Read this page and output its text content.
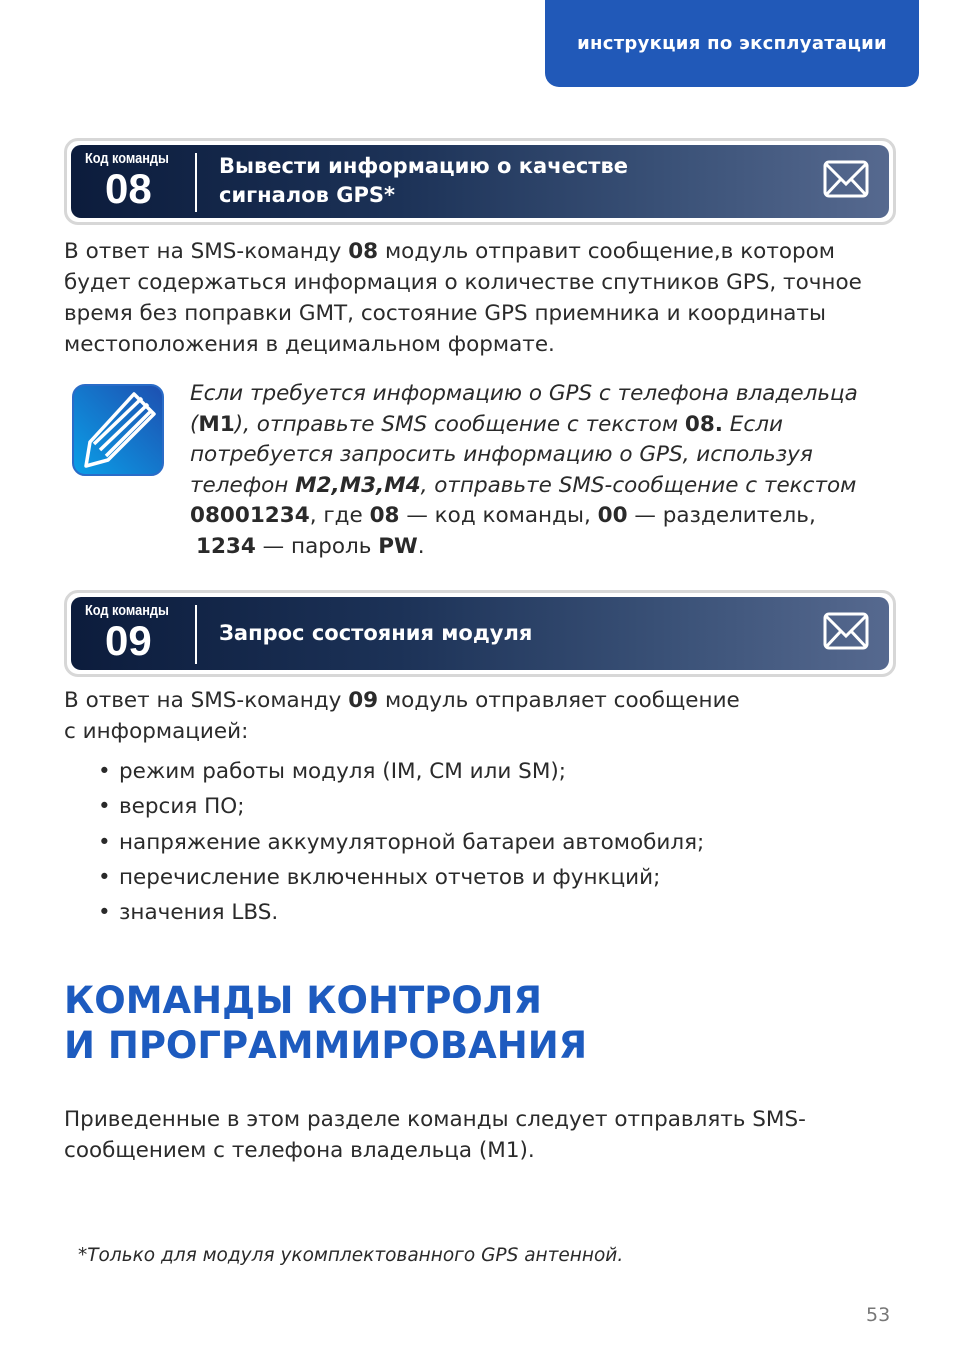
инструкция по эксплуатации
Код команды
08	Вывести информацию о качестве
сигналов GPS*
В ответ на SMS-команду 08 модуль отправит сообщение,в котором
будет содержаться информация о количестве спутников GPS, точное
время без поправки GMT, состояние GPS приемника и координаты
местоположения в децимальном формате.
Если требуется информацию о GPS с телефона владельца
(M1), отправьте SMS сообщение с текстом 08. Если
потребуется запросить информацию о GPS, используя
телефон M2,M3,M4, отправьте SMS-сообщение с текстом
08001234, где 08 — код команды, 00 — разделитель,
1234 — пароль PW.
Код команды
09	Запрос состояния модуля
В ответ на SMS-команду 09 модуль отправляет сообщение
с информацией:
• режим работы модуля (IM, CM или SM);
• версия ПО;
• напряжение аккумуляторной батареи автомобиля;
• перечисление включенных отчетов и функций;
• значения LBS.
КОМАНДЫ КОНТРОЛЯ
И ПРОГРАММИРОВАНИЯ
Приведенные в этом разделе команды следует отправлять SMS-
сообщением с телефона владельца (M1).
*Только для модуля укомплектованного GPS антенной.
53
